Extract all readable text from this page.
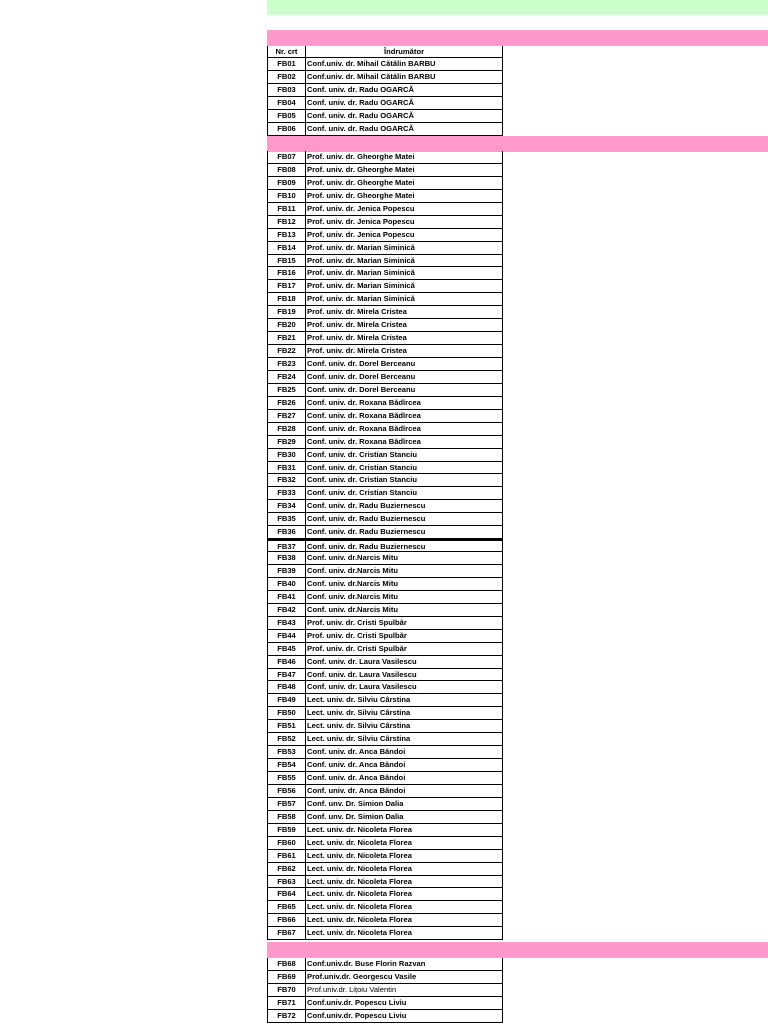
Nr. crt	Îndrumător
FB01	Conf.univ. dr. Mihail Cătălin BARBU
FB02	Conf.univ. dr. Mihail Cătălin BARBU
FB03	Conf. univ. dr. Radu OGARCĂ
FB04	Conf. univ. dr. Radu OGARCĂ
FB05	Conf. univ. dr. Radu OGARCĂ
FB06	Conf. univ. dr. Radu OGARCĂ
FB07	Prof. univ. dr. Gheorghe Matei
FB08	Prof. univ. dr. Gheorghe Matei
FB09	Prof. univ. dr. Gheorghe Matei
FB10	Prof. univ. dr. Gheorghe Matei
FB11	Prof. univ. dr. Jenica Popescu
FB12	Prof. univ. dr. Jenica Popescu
FB13	Prof. univ. dr. Jenica Popescu
FB14	Prof. univ. dr. Marian Siminică
FB15	Prof. univ. dr. Marian Siminică
FB16	Prof. univ. dr. Marian Siminică
FB17	Prof. univ. dr. Marian Siminică
FB18	Prof. univ. dr. Marian Siminică
FB19	Prof. univ. dr. Mirela Cristea
FB20	Prof. univ. dr. Mirela Cristea
FB21	Prof. univ. dr. Mirela Cristea
FB22	Prof. univ. dr. Mirela Cristea
FB23	Conf. univ. dr. Dorel Berceanu
FB24	Conf. univ. dr. Dorel Berceanu
FB25	Conf. univ. dr. Dorel Berceanu
FB26	Conf. univ. dr. Roxana Bădîrcea
FB27	Conf. univ. dr. Roxana Bădîrcea
FB28	Conf. univ. dr. Roxana Bădîrcea
FB29	Conf. univ. dr. Roxana Bădîrcea
FB30	Conf. univ. dr. Cristian Stanciu
FB31	Conf. univ. dr. Cristian Stanciu
FB32	Conf. univ. dr. Cristian Stanciu
FB33	Conf. univ. dr. Cristian Stanciu
FB34	Conf. univ. dr. Radu Buziernescu
FB35	Conf. univ. dr. Radu Buziernescu
FB36	Conf. univ. dr. Radu Buziernescu
FB37	Conf. univ. dr. Radu Buziernescu
FB38	Conf. univ. dr.Narcis Mitu
FB39	Conf. univ. dr.Narcis Mitu
FB40	Conf. univ. dr.Narcis Mitu
FB41	Conf. univ. dr.Narcis Mitu
FB42	Conf. univ. dr.Narcis Mitu
FB43	Prof. univ. dr. Cristi Spulbăr
FB44	Prof. univ. dr. Cristi Spulbăr
FB45	Prof. univ. dr. Cristi Spulbăr
FB46	Conf. univ. dr. Laura Vasilescu
FB47	Conf. univ. dr. Laura Vasilescu
FB48	Conf. univ. dr. Laura Vasilescu
FB49	Lect. univ. dr. Silviu Cârstina
FB50	Lect. univ. dr. Silviu Cârstina
FB51	Lect. univ. dr. Silviu Cârstina
FB52	Lect. univ. dr. Silviu Cârstina
FB53	Conf. univ. dr. Anca Băndoi
FB54	Conf. univ. dr. Anca Băndoi
FB55	Conf. univ. dr. Anca Băndoi
FB56	Conf. univ. dr. Anca Băndoi
FB57	Conf. unv. Dr. Simion Dalia
FB58	Conf. unv. Dr. Simion Dalia
FB59	Lect. univ. dr. Nicoleta Florea
FB60	Lect. univ. dr. Nicoleta Florea
FB61	Lect. univ. dr. Nicoleta Florea
FB62	Lect. univ. dr. Nicoleta Florea
FB63	Lect. univ. dr. Nicoleta Florea
FB64	Lect. univ. dr. Nicoleta Florea
FB65	Lect. univ. dr. Nicoleta Florea
FB66	Lect. univ. dr. Nicoleta Florea
FB67	Lect. univ. dr. Nicoleta Florea
FB68	Conf.univ.dr. Buse Florin Razvan
FB69	Prof.univ.dr. Georgescu Vasile
FB70	Prof.univ.dr. Lițoiu Valentin
FB71	Conf.univ.dr. Popescu Liviu
FB72	Conf.univ.dr. Popescu Liviu
